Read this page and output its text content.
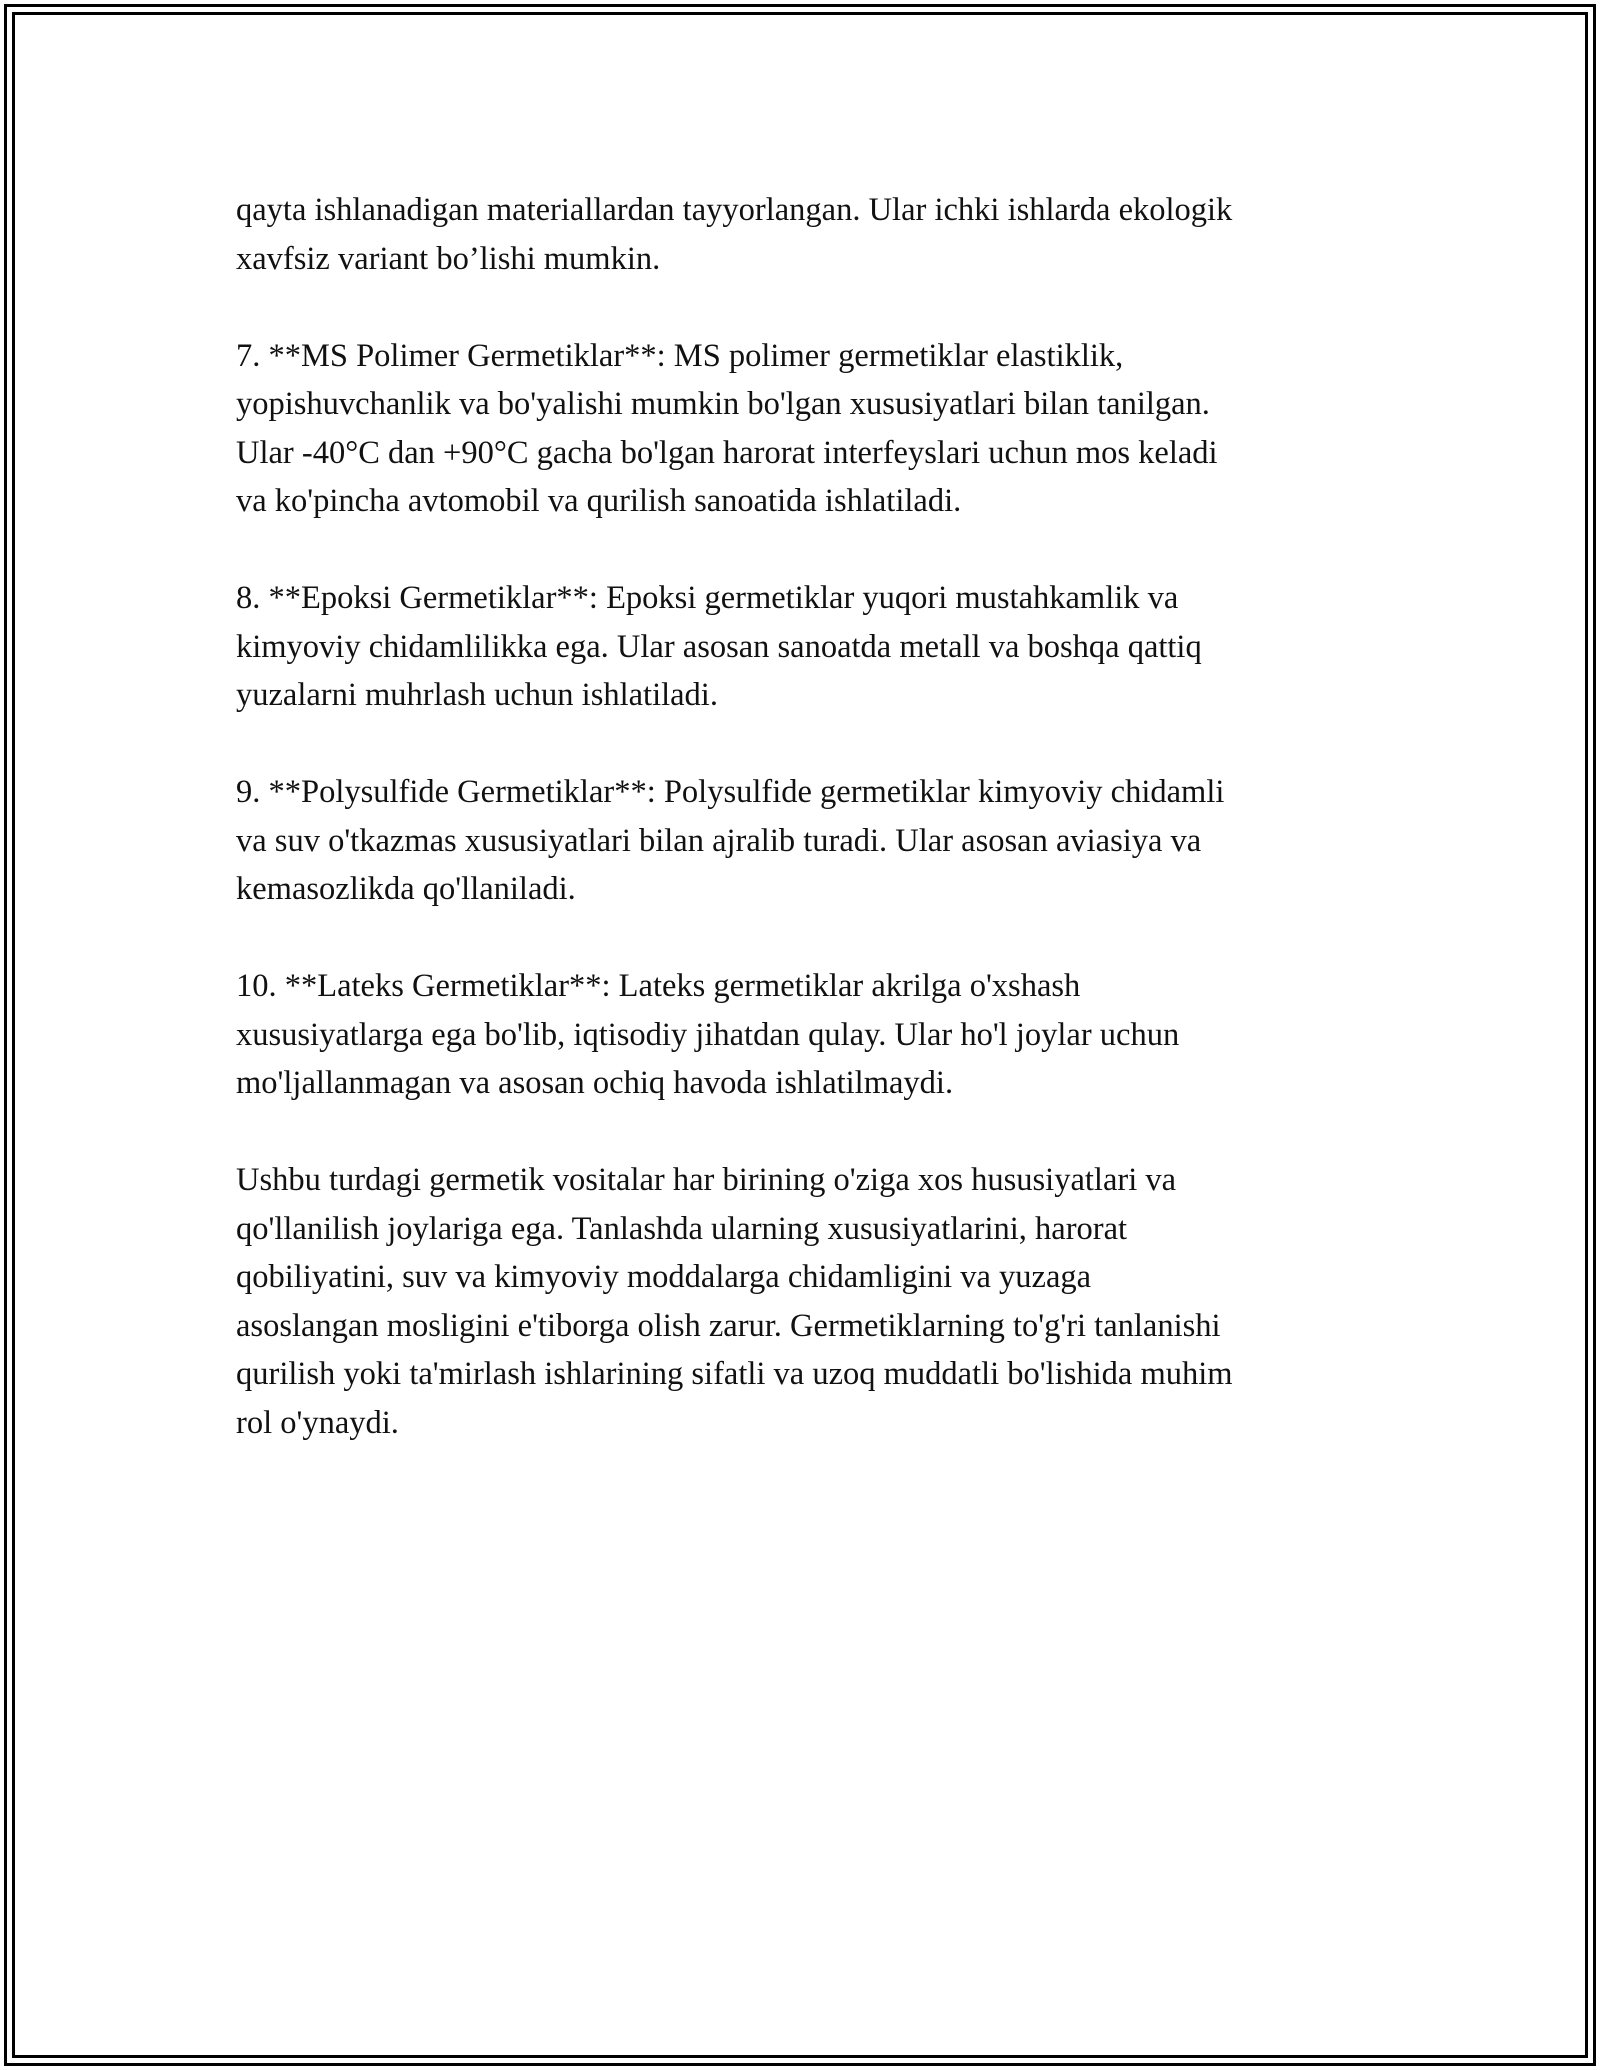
qayta ishlanadigan materiallardan tayyorlangan. Ular ichki ishlarda ekologik
xavfsiz variant bo’lishi mumkin.

7. **MS Polimer Germetiklar**: MS polimer germetiklar elastiklik,
yopishuvchanlik va bo'yalishi mumkin bo'lgan xususiyatlari bilan tanilgan.
Ular -40°C dan +90°C gacha bo'lgan harorat interfeyslari uchun mos keladi
va ko'pincha avtomobil va qurilish sanoatida ishlatiladi.

8. **Epoksi Germetiklar**: Epoksi germetiklar yuqori mustahkamlik va
kimyoviy chidamlilikka ega. Ular asosan sanoatda metall va boshqa qattiq
yuzalarni muhrlash uchun ishlatiladi.

9. **Polysulfide Germetiklar**: Polysulfide germetiklar kimyoviy chidamli
va suv o'tkazmas xususiyatlari bilan ajralib turadi. Ular asosan aviasiya va
kemasozlikda qo'llaniladi.

10. **Lateks Germetiklar**: Lateks germetiklar akrilga o'xshash
xususiyatlarga ega bo'lib, iqtisodiy jihatdan qulay. Ular ho'l joylar uchun
mo'ljallanmagan va asosan ochiq havoda ishlatilmaydi.

Ushbu turdagi germetik vositalar har birining o'ziga xos hususiyatlari va
qo'llanilish joylariga ega. Tanlashda ularning xususiyatlarini, harorat
qobiliyatini, suv va kimyoviy moddalarga chidamligini va yuzaga
asoslangan mosligini e'tiborga olish zarur. Germetiklarning to'g'ri tanlanishi
qurilish yoki ta'mirlash ishlarining sifatli va uzoq muddatli bo'lishida muhim
rol o'ynaydi.
